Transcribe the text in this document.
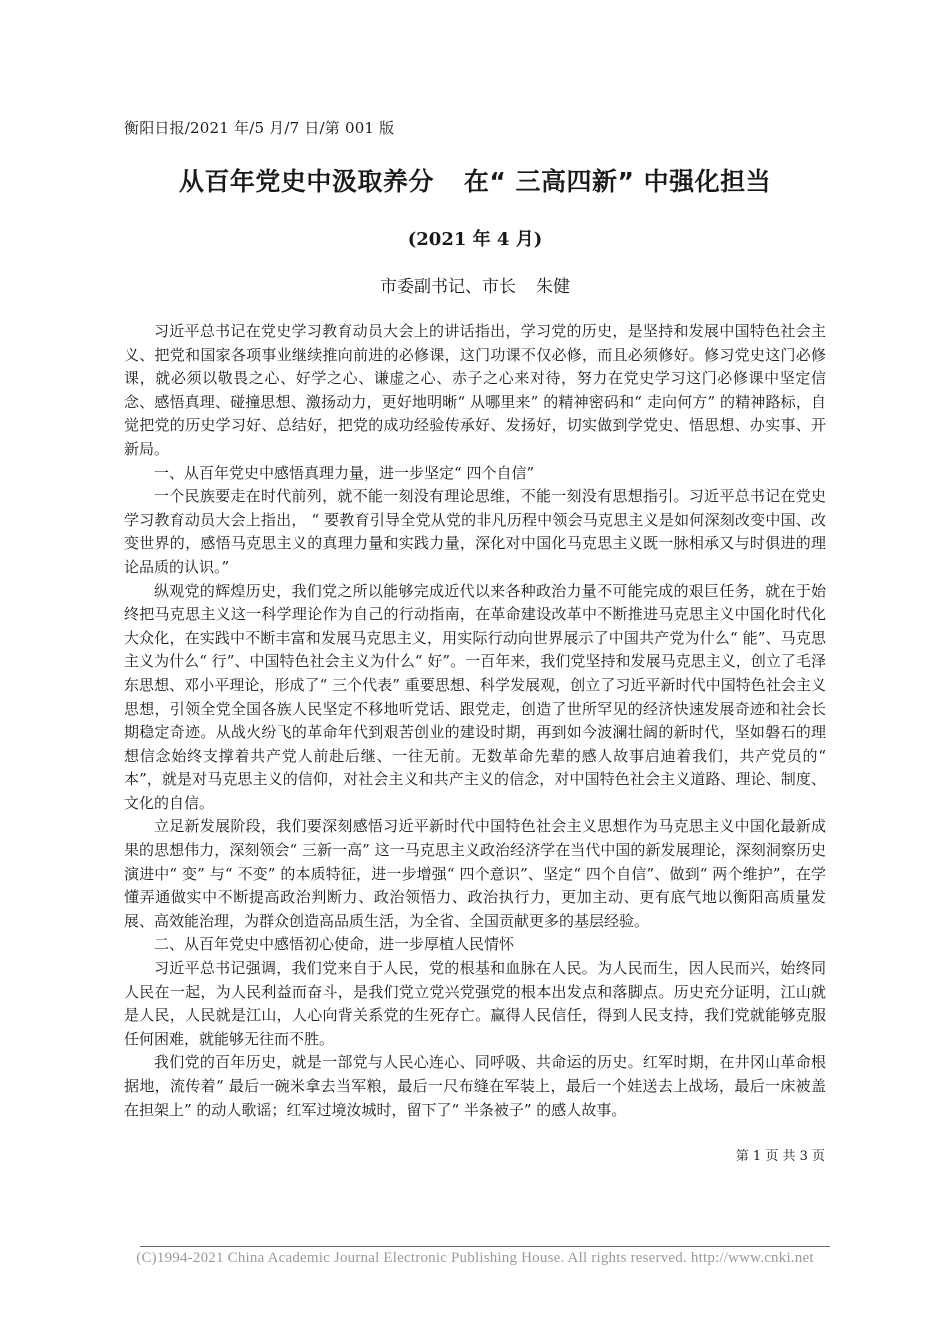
衡阳日报/2021 年/5 月/7 日/第 001 版
从百年党史中汲取养分 在“ 三高四新” 中强化担当
(2021 年 4 月)
市委副书记、市长 朱健

习近平总书记在党史学习教育动员大会上的讲话指出，学习党的历史，是坚持和发展中国特色社会主义、把党和国家各项事业继续推向前进的必修课，这门功课不仅必修，而且必须修好。修习党史这门必修课，就必须以敬畏之心、好学之心、谦虚之心、赤子之心来对待，努力在党史学习这门必修课中坚定信念、感悟真理、碰撞思想、激扬动力，更好地明晰“ 从哪里来” 的精神密码和“ 走向何方” 的精神路标，自觉把党的历史学习好、总结好，把党的成功经验传承好、发扬好，切实做到学党史、悟思想、办实事、开新局。

一、从百年党史中感悟真理力量，进一步坚定“ 四个自信”

一个民族要走在时代前列，就不能一刻没有理论思维，不能一刻没有思想指引。习近平总书记在党史学习教育动员大会上指出， “ 要教育引导全党从党的非凡历程中领会马克思主义是如何深刻改变中国、改变世界的，感悟马克思主义的真理力量和实践力量，深化对中国化马克思主义既一脉相承又与时俱进的理论品质的认识。”

纵观党的辉煌历史，我们党之所以能够完成近代以来各种政治力量不可能完成的艰巨任务，就在于始终把马克思主义这一科学理论作为自己的行动指南，在革命建设改革中不断推进马克思主义中国化时代化大众化，在实践中不断丰富和发展马克思主义，用实际行动向世界展示了中国共产党为什么“ 能”、马克思主义为什么“ 行”、中国特色社会主义为什么“ 好”。一百年来，我们党坚持和发展马克思主义，创立了毛泽东思想、邓小平理论，形成了“ 三个代表” 重要思想、科学发展观，创立了习近平新时代中国特色社会主义思想，引领全党全国各族人民坚定不移地听党话、跟党走，创造了世所罕见的经济快速发展奇迹和社会长期稳定奇迹。从战火纷飞的革命年代到艰苦创业的建设时期，再到如今波澜壮阔的新时代，坚如磐石的理想信念始终支撑着共产党人前赴后继、一往无前。无数革命先辈的感人故事启迪着我们，共产党员的“ 本”，就是对马克思主义的信仰，对社会主义和共产主义的信念，对中国特色社会主义道路、理论、制度、文化的自信。

立足新发展阶段，我们要深刻感悟习近平新时代中国特色社会主义思想作为马克思主义中国化最新成果的思想伟力，深刻领会“ 三新一高” 这一马克思主义政治经济学在当代中国的新发展理论，深刻洞察历史演进中“ 变” 与“ 不变” 的本质特征，进一步增强“ 四个意识”、坚定“ 四个自信”、做到“ 两个维护”，在学懂弄通做实中不断提高政治判断力、政治领悟力、政治执行力，更加主动、更有底气地以衡阳高质量发展、高效能治理，为群众创造高品质生活，为全省、全国贡献更多的基层经验。

二、从百年党史中感悟初心使命，进一步厚植人民情怀

习近平总书记强调，我们党来自于人民，党的根基和血脉在人民。为人民而生，因人民而兴，始终同人民在一起，为人民利益而奋斗，是我们党立党兴党强党的根本出发点和落脚点。历史充分证明，江山就是人民，人民就是江山，人心向背关系党的生死存亡。赢得人民信任，得到人民支持，我们党就能够克服任何困难，就能够无往而不胜。

我们党的百年历史，就是一部党与人民心连心、同呼吸、共命运的历史。红军时期，在井冈山革命根据地，流传着“ 最后一碗米拿去当军粮，最后一尺布缝在军装上，最后一个娃送去上战场，最后一床被盖在担架上” 的动人歌谣；红军过境汝城时，留下了“ 半条被子” 的感人故事。

第 1 页 共 3 页
(C)1994-2021 China Academic Journal Electronic Publishing House. All rights reserved. http://www.cnki.net
